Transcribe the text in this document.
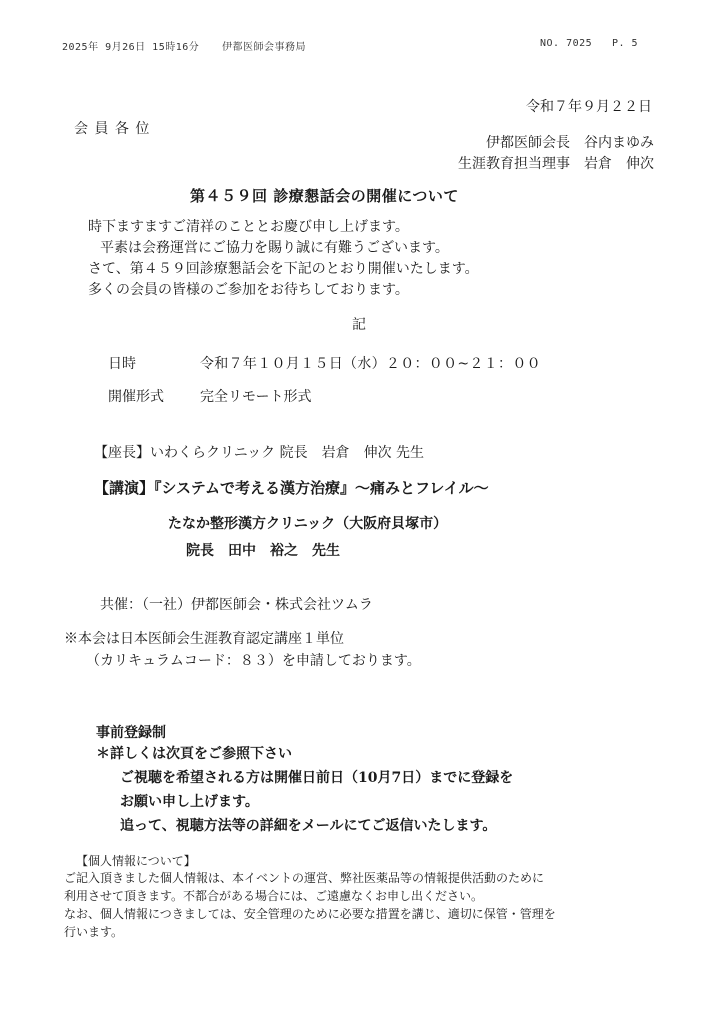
2025年 9月26日 15時16分 伊都医師会事務局	NO. 7025 P. 5
令和７年９月２２日
会 員 各 位
伊都医師会長　谷内まゆみ
生涯教育担当理事　岩倉　伸次
第４５９回 診療懇話会の開催について
時下ますますご清祥のこととお慶び申し上げます。
平素は会務運営にご協力を賜り誠に有難うございます。
さて、第４５９回診療懇話会を下記のとおり開催いたします。
多くの会員の皆様のご参加をお待ちしております。
記
日時	令和７年１０月１５日（水）２０：００~２１：００
開催形式	完全リモート形式
【座長】いわくらクリニック 院長　岩倉　伸次 先生
【講演】『システムで考える漢方治療』～痛みとフレイル～
たなか整形漢方クリニック（大阪府貝塚市）
院長　田中　裕之　先生
共催：（一社）伊都医師会・株式会社ツムラ
※本会は日本医師会生涯教育認定講座１単位
（カリキュラムコード：８３）を申請しております。
事前登録制
＊詳しくは次頁をご参照下さい
ご視聴を希望される方は開催日前日（10月7日）までに登録を
お願い申し上げます。
追って、視聴方法等の詳細をメールにてご返信いたします。
【個人情報について】
ご記入頂きました個人情報は、本イベントの運営、弊社医薬品等の情報提供活動のために
利用させて頂きます。不都合がある場合には、ご遠慮なくお申し出ください。
なお、個人情報につきましては、安全管理のために必要な措置を講じ、適切に保管・管理を
行います。
